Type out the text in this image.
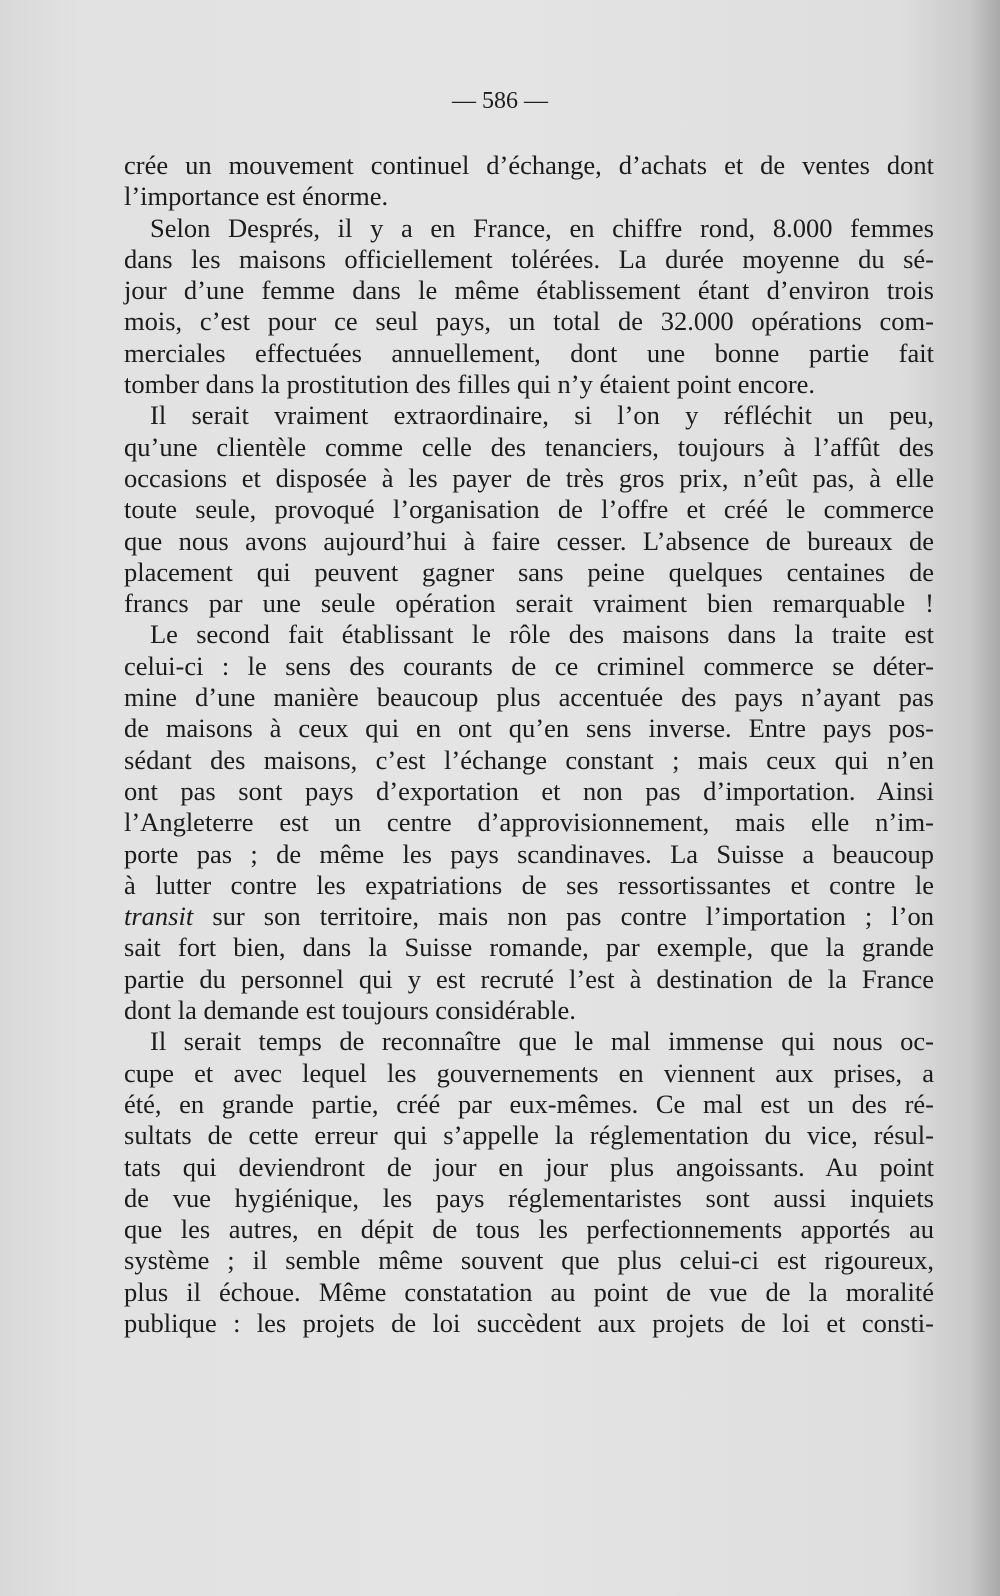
— 586 —

crée un mouvement continuel d’échange, d’achats et de ventes dont
l’importance est énorme.
Selon Després, il y a en France, en chiffre rond, 8.000 femmes
dans les maisons officiellement tolérées. La durée moyenne du sé-
jour d’une femme dans le même établissement étant d’environ trois
mois, c’est pour ce seul pays, un total de 32.000 opérations com-
merciales effectuées annuellement, dont une bonne partie fait
tomber dans la prostitution des filles qui n’y étaient point encore.
Il serait vraiment extraordinaire, si l’on y réfléchit un peu,
qu’une clientèle comme celle des tenanciers, toujours à l’affût des
occasions et disposée à les payer de très gros prix, n’eût pas, à elle
toute seule, provoqué l’organisation de l’offre et créé le commerce
que nous avons aujourd’hui à faire cesser. L’absence de bureaux de
placement qui peuvent gagner sans peine quelques centaines de
francs par une seule opération serait vraiment bien remarquable !
Le second fait établissant le rôle des maisons dans la traite est
celui-ci : le sens des courants de ce criminel commerce se déter-
mine d’une manière beaucoup plus accentuée des pays n’ayant pas
de maisons à ceux qui en ont qu’en sens inverse. Entre pays pos-
sédant des maisons, c’est l’échange constant ; mais ceux qui n’en
ont pas sont pays d’exportation et non pas d’importation. Ainsi
l’Angleterre est un centre d’approvisionnement, mais elle n’im-
porte pas ; de même les pays scandinaves. La Suisse a beaucoup
à lutter contre les expatriations de ses ressortissantes et contre le
transit sur son territoire, mais non pas contre l’importation ; l’on
sait fort bien, dans la Suisse romande, par exemple, que la grande
partie du personnel qui y est recruté l’est à destination de la France
dont la demande est toujours considérable.
Il serait temps de reconnaître que le mal immense qui nous oc-
cupe et avec lequel les gouvernements en viennent aux prises, a
été, en grande partie, créé par eux-mêmes. Ce mal est un des ré-
sultats de cette erreur qui s’appelle la réglementation du vice, résul-
tats qui deviendront de jour en jour plus angoissants. Au point
de vue hygiénique, les pays réglementaristes sont aussi inquiets
que les autres, en dépit de tous les perfectionnements apportés au
système ; il semble même souvent que plus celui-ci est rigoureux,
plus il échoue. Même constatation au point de vue de la moralité
publique : les projets de loi succèdent aux projets de loi et consti-
